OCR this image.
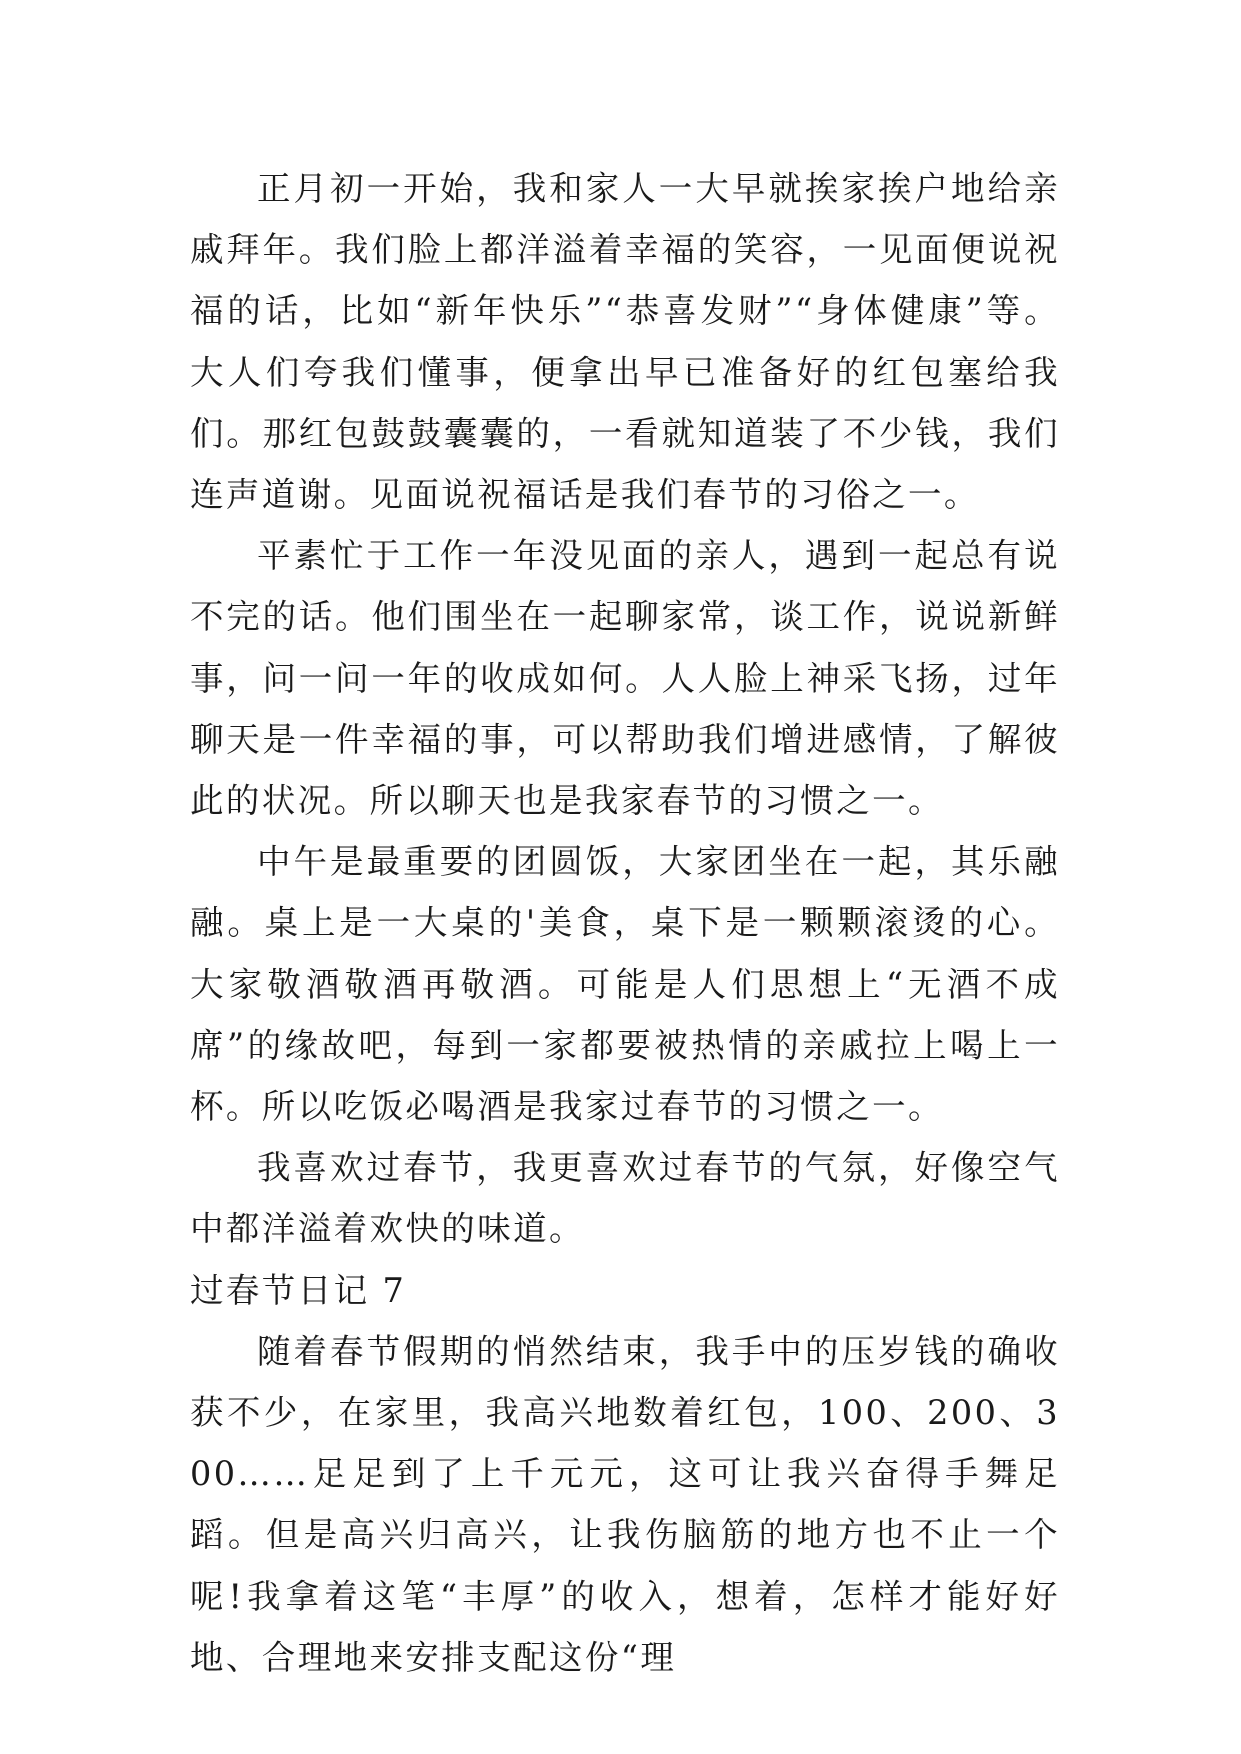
正月初一开始，我和家人一大早就挨家挨户地给亲戚拜年。我们脸上都洋溢着幸福的笑容，一见面便说祝福的话，比如“新年快乐”“恭喜发财”“身体健康”等。大人们夸我们懂事，便拿出早已准备好的红包塞给我们。那红包鼓鼓囊囊的，一看就知道装了不少钱，我们连声道谢。见面说祝福话是我们春节的习俗之一。

平素忙于工作一年没见面的亲人，遇到一起总有说不完的话。他们围坐在一起聊家常，谈工作，说说新鲜事，问一问一年的收成如何。人人脸上神采飞扬，过年聊天是一件幸福的事，可以帮助我们增进感情，了解彼此的状况。所以聊天也是我家春节的习惯之一。

中午是最重要的团圆饭，大家团坐在一起，其乐融融。桌上是一大桌的'美食，桌下是一颗颗滚烫的心。大家敬酒敬酒再敬酒。可能是人们思想上“无酒不成席”的缘故吧，每到一家都要被热情的亲戚拉上喝上一杯。所以吃饭必喝酒是我家过春节的习惯之一。

我喜欢过春节，我更喜欢过春节的气氛，好像空气中都洋溢着欢快的味道。

过春节日记 7

随着春节假期的悄然结束，我手中的压岁钱的确收获不少，在家里，我高兴地数着红包，100、200、300……足足到了上千元元，这可让我兴奋得手舞足蹈。但是高兴归高兴，让我伤脑筋的地方也不止一个呢!我拿着这笔“丰厚”的收入，想着，怎样才能好好地、合理地来安排支配这份“理
